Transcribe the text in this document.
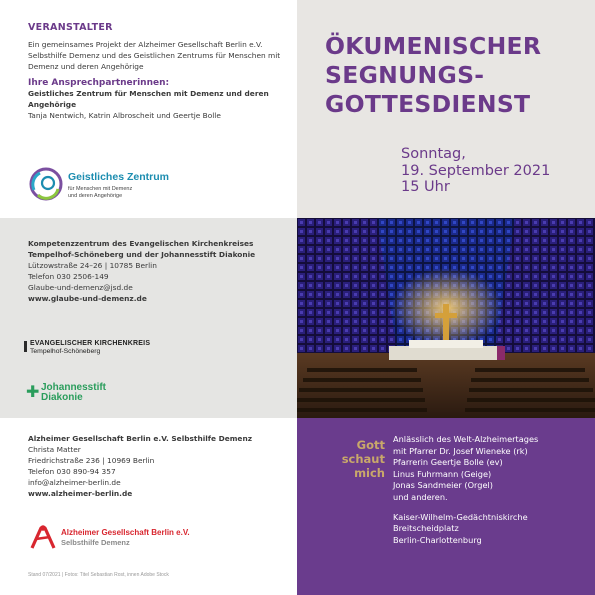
VERANSTALTER
Ein gemeinsames Projekt der Alzheimer Gesellschaft Berlin e.V. Selbsthilfe Demenz und des Geistlichen Zentrums für Menschen mit Demenz und deren Angehörige
Ihre Ansprechpartnerinnen:
Geistliches Zentrum für Menschen mit Demenz und deren Angehörige
Tanja Nentwich, Katrin Albroscheit und Geertje Bolle
Geistliches Zentrum
für Menschen mit Demenz
und deren Angehörige
Kompetenzzentrum des Evangelischen Kirchenkreises
Tempelhof-Schöneberg und der Johannesstift Diakonie
Lützowstraße 24–26 | 10785 Berlin
Telefon 030 2506-149
Glaube-und-demenz@jsd.de
www.glaube-und-demenz.de
EVANGELISCHER KIRCHENKREIS
Tempelhof-Schöneberg
✚ Johannesstift
Diakonie
Alzheimer Gesellschaft Berlin e.V. Selbsthilfe Demenz
Christa Matter
Friedrichstraße 236 | 10969 Berlin
Telefon 030 890-94 357
info@alzheimer-berlin.de
www.alzheimer-berlin.de
Alzheimer Gesellschaft Berlin e.V.
Selbsthilfe Demenz
Stand 07/2021 | Fotos: Titel Sebastian Rost, innen Adobe Stock
ÖKUMENISCHER
SEGNUNGS-
GOTTESDIENST
Sonntag,
19. September 2021
15 Uhr
Gott
schaut
mich
Anlässlich des Welt-Alzheimertages
mit Pfarrer Dr. Josef Wieneke (rk)
Pfarrerin Geertje Bolle (ev)
Linus Fuhrmann (Geige)
Jonas Sandmeier (Orgel)
und anderen.
Kaiser-Wilhelm-Gedächtniskirche
Breitscheidplatz
Berlin-Charlottenburg
